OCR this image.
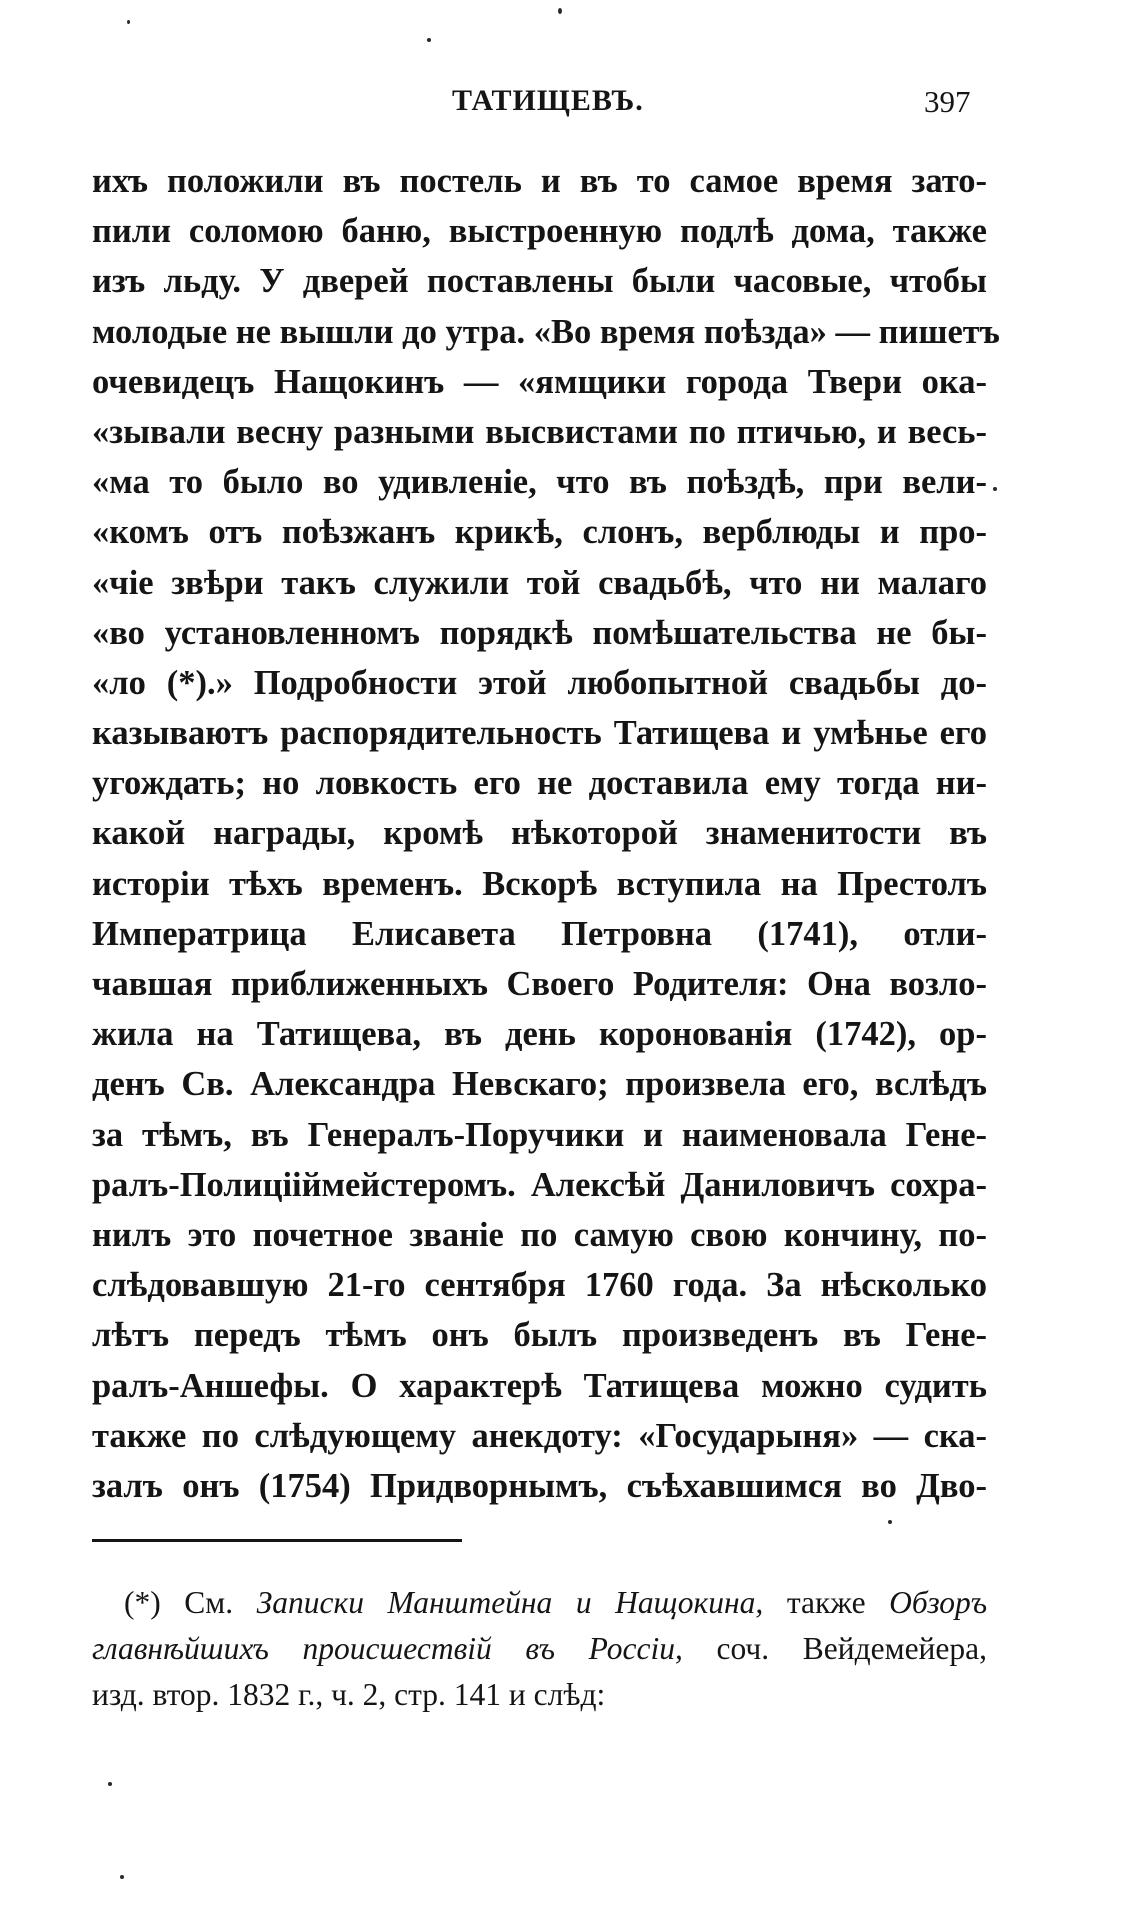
ТАТИЩЕВЪ.	397
ихъ положили въ постель и въ то самое время зато-
пили соломою баню, выстроенную подлѣ дома, также
изъ льду. У дверей поставлены были часовые, чтобы
молодые не вышли до утра. «Во время поѣзда» — пишетъ
очевидецъ Нащокинъ — «ямщики города Твери ока-
«зывали весну разными высвистами по птичью, и весь-
«ма то было во удивленіе, что въ поѣздѣ, при вели-
«комъ отъ поѣзжанъ крикѣ, слонъ, верблюды и про-
«чіе звѣри такъ служили той свадьбѣ, что ни малаго
«во установленномъ порядкѣ помѣшательства не бы-
«ло (*).» Подробности этой любопытной свадьбы до-
казываютъ распорядительность Татищева и умѣнье его
угождать; но ловкость его не доставила ему тогда ни-
какой награды, кромѣ нѣкоторой знаменитости въ
исторіи тѣхъ временъ. Вскорѣ вступила на Престолъ
Императрица Елисавета Петровна (1741), отли-
чавшая приближенныхъ Своего Родителя: Она возло-
жила на Татищева, въ день коронованія (1742), ор-
денъ Св. Александра Невскаго; произвела его, вслѣдъ
за тѣмъ, въ Генералъ-Поручики и наименовала Гене-
ралъ-Полицііймейстеромъ. Алексѣй Даниловичъ сохра-
нилъ это почетное званіе по самую свою кончину, по-
слѣдовавшую 21-го сентября 1760 года. За нѣсколько
лѣтъ передъ тѣмъ онъ былъ произведенъ въ Гене-
ралъ-Аншефы. О характерѣ Татищева можно судить
также по слѣдующему анекдоту: «Государыня» — ска-
залъ онъ (1754) Придворнымъ, съѣхавшимся во Дво-
(*) См. Записки Манштейна и Нащокина, также Обзоръ
главнѣйшихъ происшествій въ Россіи, соч. Вейдемейера,
изд. втор. 1832 г., ч. 2, стр. 141 и слѣд:
